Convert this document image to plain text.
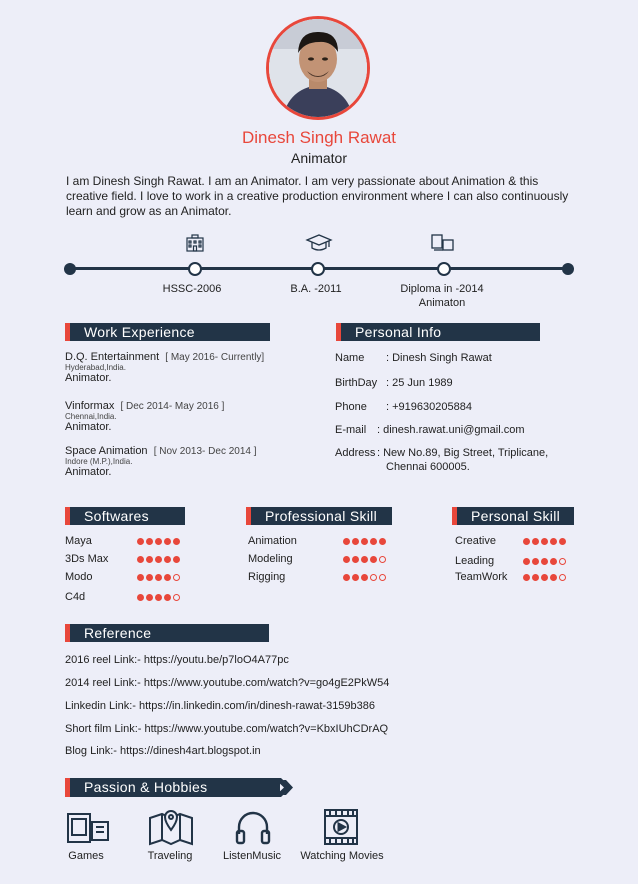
Dinesh Singh Rawat
Animator
I am Dinesh Singh Rawat. I am an Animator. I am very passionate about Animation & this creative field. I love to work in a creative production environment where I can also continuously learn and grow as an Animator.
HSSC-2006	B.A. -2011	Diploma in -2014
Animaton
Work Experience
D.Q. Entertainment [ May 2016- Currently]
Hyderabad,India.
Animator.
Vinformax [ Dec 2014- May 2016 ]
Chennai,India.
Animator.
Space Animation [ Nov 2013- Dec 2014 ]
Indore (M.P.),India.
Animator.
Personal Info
Name : Dinesh Singh Rawat
BirthDay : 25 Jun 1989
Phone : +919630205884
E-mail : dinesh.rawat.uni@gmail.com
Address : New No.89, Big Street, Triplicane,
Chennai 600005.
Softwares	Professional Skill	Personal Skill
Maya
3Ds Max
Modo
C4d
Animation
Modeling
Rigging
Creative
Leading
TeamWork
Reference
2016 reel Link:- https://youtu.be/p7loO4A77pc
2014 reel Link:- https://www.youtube.com/watch?v=go4gE2PkW54
Linkedin Link:- https://in.linkedin.com/in/dinesh-rawat-3159b386
Short film Link:- https://www.youtube.com/watch?v=KbxIUhCDrAQ
Blog Link:- https://dinesh4art.blogspot.in
Passion & Hobbies
Games	Traveling	ListenMusic	Watching Movies
